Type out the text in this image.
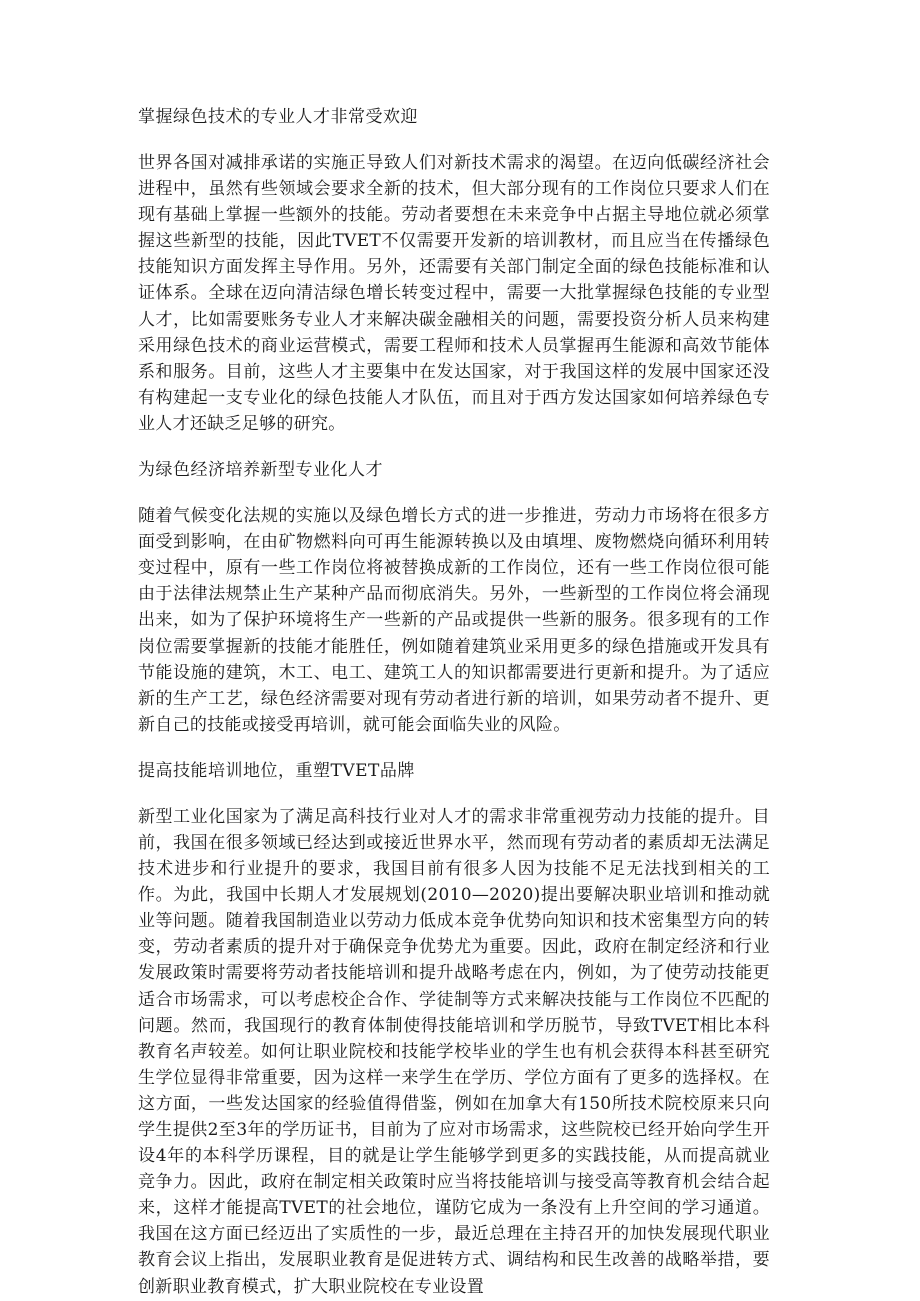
掌握绿色技术的专业人才非常受欢迎

世界各国对减排承诺的实施正导致人们对新技术需求的渴望。在迈向低碳经济社会进程中，虽然有些领域会要求全新的技术，但大部分现有的工作岗位只要求人们在现有基础上掌握一些额外的技能。劳动者要想在未来竞争中占据主导地位就必须掌握这些新型的技能，因此TVET不仅需要开发新的培训教材，而且应当在传播绿色技能知识方面发挥主导作用。另外，还需要有关部门制定全面的绿色技能标准和认证体系。全球在迈向清洁绿色增长转变过程中，需要一大批掌握绿色技能的专业型人才，比如需要账务专业人才来解决碳金融相关的问题，需要投资分析人员来构建采用绿色技术的商业运营模式，需要工程师和技术人员掌握再生能源和高效节能体系和服务。目前，这些人才主要集中在发达国家，对于我国这样的发展中国家还没有构建起一支专业化的绿色技能人才队伍，而且对于西方发达国家如何培养绿色专业人才还缺乏足够的研究。

为绿色经济培养新型专业化人才

随着气候变化法规的实施以及绿色增长方式的进一步推进，劳动力市场将在很多方面受到影响，在由矿物燃料向可再生能源转换以及由填埋、废物燃烧向循环利用转变过程中，原有一些工作岗位将被替换成新的工作岗位，还有一些工作岗位很可能由于法律法规禁止生产某种产品而彻底消失。另外，一些新型的工作岗位将会涌现出来，如为了保护环境将生产一些新的产品或提供一些新的服务。很多现有的工作岗位需要掌握新的技能才能胜任，例如随着建筑业采用更多的绿色措施或开发具有节能设施的建筑，木工、电工、建筑工人的知识都需要进行更新和提升。为了适应新的生产工艺，绿色经济需要对现有劳动者进行新的培训，如果劳动者不提升、更新自己的技能或接受再培训，就可能会面临失业的风险。

提高技能培训地位，重塑TVET品牌

新型工业化国家为了满足高科技行业对人才的需求非常重视劳动力技能的提升。目前，我国在很多领域已经达到或接近世界水平，然而现有劳动者的素质却无法满足技术进步和行业提升的要求，我国目前有很多人因为技能不足无法找到相关的工作。为此，我国中长期人才发展规划(2010—2020)提出要解决职业培训和推动就业等问题。随着我国制造业以劳动力低成本竞争优势向知识和技术密集型方向的转变，劳动者素质的提升对于确保竞争优势尤为重要。因此，政府在制定经济和行业发展政策时需要将劳动者技能培训和提升战略考虑在内，例如，为了使劳动技能更适合市场需求，可以考虑校企合作、学徒制等方式来解决技能与工作岗位不匹配的问题。然而，我国现行的教育体制使得技能培训和学历脱节，导致TVET相比本科教育名声较差。如何让职业院校和技能学校毕业的学生也有机会获得本科甚至研究生学位显得非常重要，因为这样一来学生在学历、学位方面有了更多的选择权。在这方面，一些发达国家的经验值得借鉴，例如在加拿大有150所技术院校原来只向学生提供2至3年的学历证书，目前为了应对市场需求，这些院校已经开始向学生开设4年的本科学历课程，目的就是让学生能够学到更多的实践技能，从而提高就业竞争力。因此，政府在制定相关政策时应当将技能培训与接受高等教育机会结合起来，这样才能提高TVET的社会地位，谨防它成为一条没有上升空间的学习通道。我国在这方面已经迈出了实质性的一步，最近总理在主持召开的加快发展现代职业教育会议上指出，发展职业教育是促进转方式、调结构和民生改善的战略举措，要创新职业教育模式，扩大职业院校在专业设置
